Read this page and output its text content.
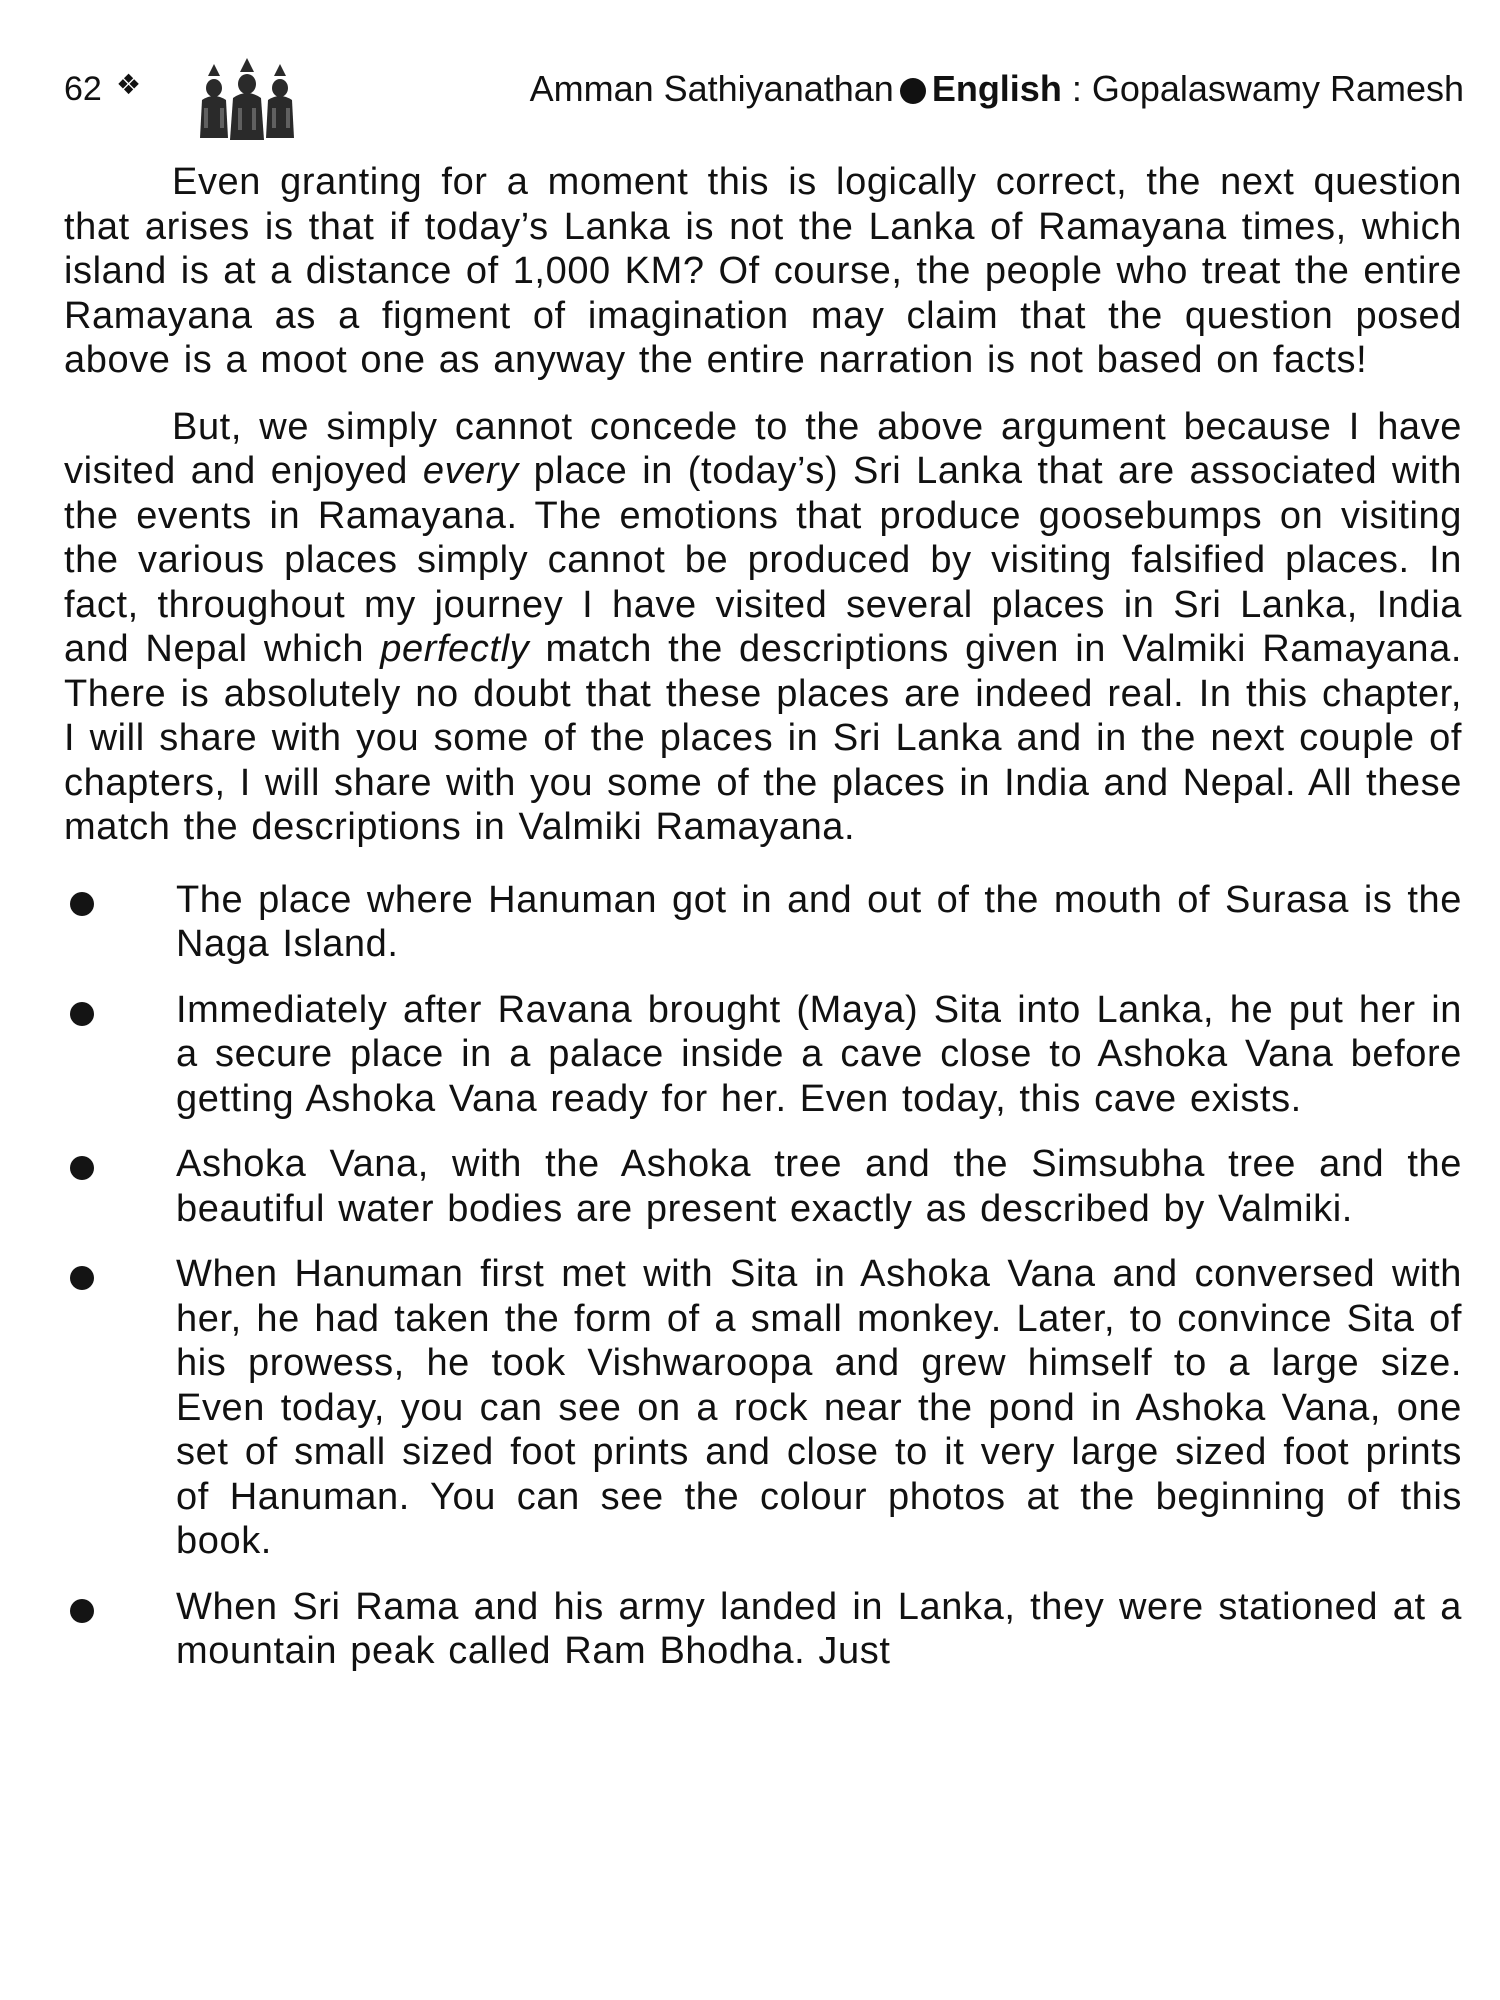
62 ❖	Amman Sathiyanathan English : Gopalaswamy Ramesh

Even granting for a moment this is logically correct, the next question that arises is that if today’s Lanka is not the Lanka of Ramayana times, which island is at a distance of 1,000 KM? Of course, the people who treat the entire Ramayana as a figment of imagination may claim that the question posed above is a moot one as anyway the entire narration is not based on facts!

But, we simply cannot concede to the above argument because I have visited and enjoyed every place in (today’s) Sri Lanka that are associated with the events in Ramayana. The emotions that produce goosebumps on visiting the various places simply cannot be produced by visiting falsified places. In fact, throughout my journey I have visited several places in Sri Lanka, India and Nepal which perfectly match the descriptions given in Valmiki Ramayana. There is absolutely no doubt that these places are indeed real. In this chapter, I will share with you some of the places in Sri Lanka and in the next couple of chapters, I will share with you some of the places in India and Nepal. All these match the descriptions in Valmiki Ramayana.

The place where Hanuman got in and out of the mouth of Surasa is the Naga Island.
Immediately after Ravana brought (Maya) Sita into Lanka, he put her in a secure place in a palace inside a cave close to Ashoka Vana before getting Ashoka Vana ready for her. Even today, this cave exists.
Ashoka Vana, with the Ashoka tree and the Simsubha tree and the beautiful water bodies are present exactly as described by Valmiki.
When Hanuman first met with Sita in Ashoka Vana and conversed with her, he had taken the form of a small monkey. Later, to convince Sita of his prowess, he took Vishwaroopa and grew himself to a large size. Even today, you can see on a rock near the pond in Ashoka Vana, one set of small sized foot prints and close to it very large sized foot prints of Hanuman. You can see the colour photos at the beginning of this book.
When Sri Rama and his army landed in Lanka, they were stationed at a mountain peak called Ram Bhodha. Just
